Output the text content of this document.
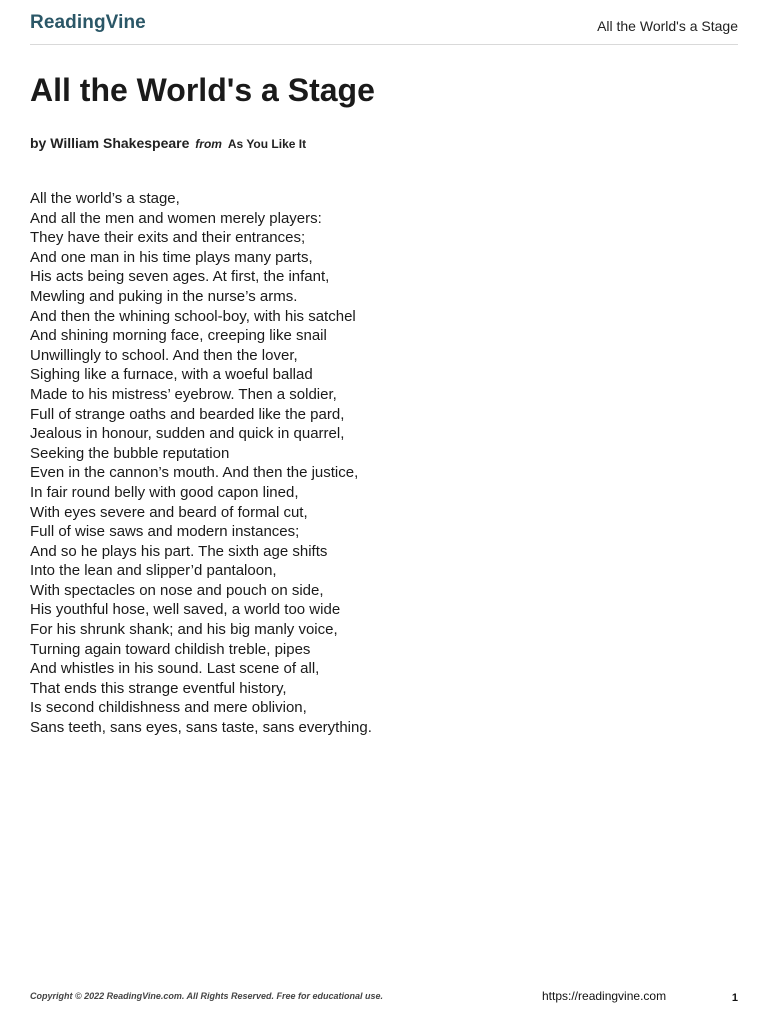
ReadingVine	All the World's a Stage
All the World's a Stage
by William Shakespeare from As You Like It
All the world’s a stage,
And all the men and women merely players:
They have their exits and their entrances;
And one man in his time plays many parts,
His acts being seven ages. At first, the infant,
Mewling and puking in the nurse’s arms.
And then the whining school-boy, with his satchel
And shining morning face, creeping like snail
Unwillingly to school. And then the lover,
Sighing like a furnace, with a woeful ballad
Made to his mistress’ eyebrow. Then a soldier,
Full of strange oaths and bearded like the pard,
Jealous in honour, sudden and quick in quarrel,
Seeking the bubble reputation
Even in the cannon’s mouth. And then the justice,
In fair round belly with good capon lined,
With eyes severe and beard of formal cut,
Full of wise saws and modern instances;
And so he plays his part. The sixth age shifts
Into the lean and slipper’d pantaloon,
With spectacles on nose and pouch on side,
His youthful hose, well saved, a world too wide
For his shrunk shank; and his big manly voice,
Turning again toward childish treble, pipes
And whistles in his sound. Last scene of all,
That ends this strange eventful history,
Is second childishness and mere oblivion,
Sans teeth, sans eyes, sans taste, sans everything.
Copyright © 2022 ReadingVine.com. All Rights Reserved. Free for educational use.	https://readingvine.com	1
